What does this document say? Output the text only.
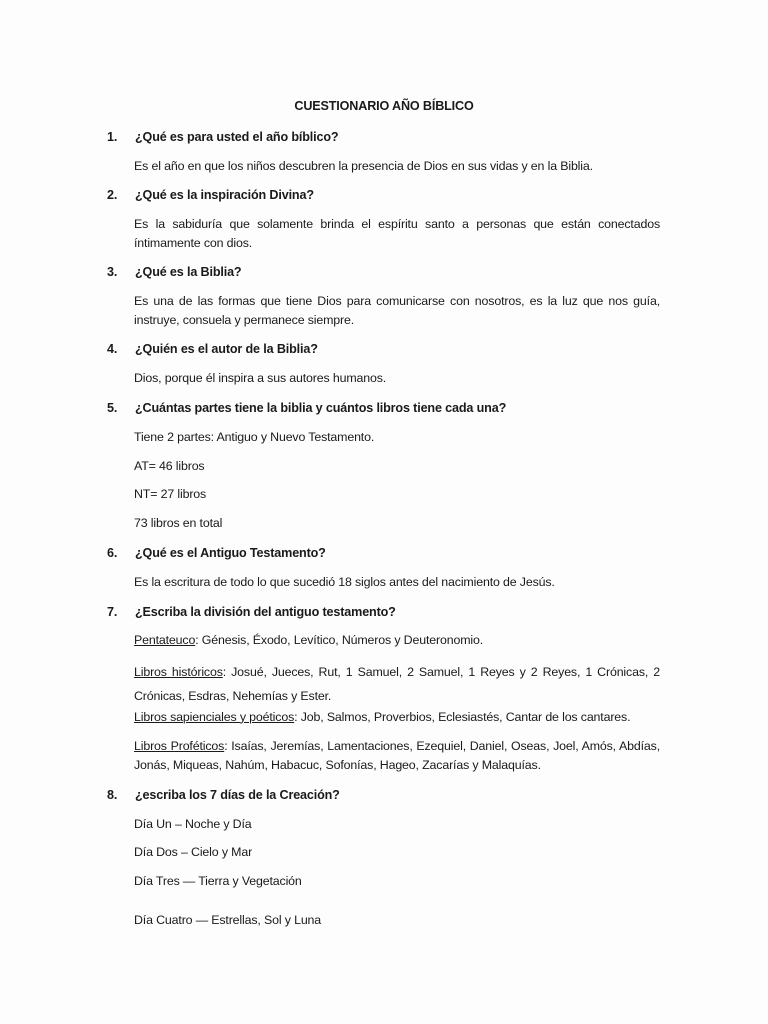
CUESTIONARIO AÑO BÍBLICO
1. ¿Qué es para usted el año bíblico?
Es el año en que los niños descubren la presencia de Dios en sus vidas y en la Biblia.
2. ¿Qué es la inspiración Divina?
Es la sabiduría que solamente brinda el espíritu santo a personas que están conectados íntimamente con dios.
3. ¿Qué es la Biblia?
Es una de las formas que tiene Dios para comunicarse con nosotros, es la luz que nos guía, instruye, consuela y permanece siempre.
4. ¿Quién es el autor de la Biblia?
Dios, porque él inspira a sus autores humanos.
5. ¿Cuántas partes tiene la biblia y cuántos libros tiene cada una?
Tiene 2 partes: Antiguo y Nuevo Testamento.
AT= 46 libros
NT= 27 libros
73 libros en total
6. ¿Qué es el Antiguo Testamento?
Es la escritura de todo lo que sucedió 18 siglos antes del nacimiento de Jesús.
7. ¿Escriba la división del antiguo testamento?
Pentateuco: Génesis, Éxodo, Levítico, Números y Deuteronomio.
Libros históricos: Josué, Jueces, Rut, 1 Samuel, 2 Samuel, 1 Reyes y 2 Reyes, 1 Crónicas, 2 Crónicas, Esdras, Nehemías y Ester.
Libros sapienciales y poéticos: Job, Salmos, Proverbios, Eclesiastés, Cantar de los cantares.
Libros Proféticos: Isaías, Jeremías, Lamentaciones, Ezequiel, Daniel, Oseas, Joel, Amós, Abdías, Jonás, Miqueas, Nahúm, Habacuc, Sofonías, Hageo, Zacarías y Malaquías.
8. ¿escriba los 7 días de la Creación?
Día Un – Noche y Día
Día Dos – Cielo y Mar
Día Tres — Tierra y Vegetación
Día Cuatro — Estrellas, Sol y Luna
